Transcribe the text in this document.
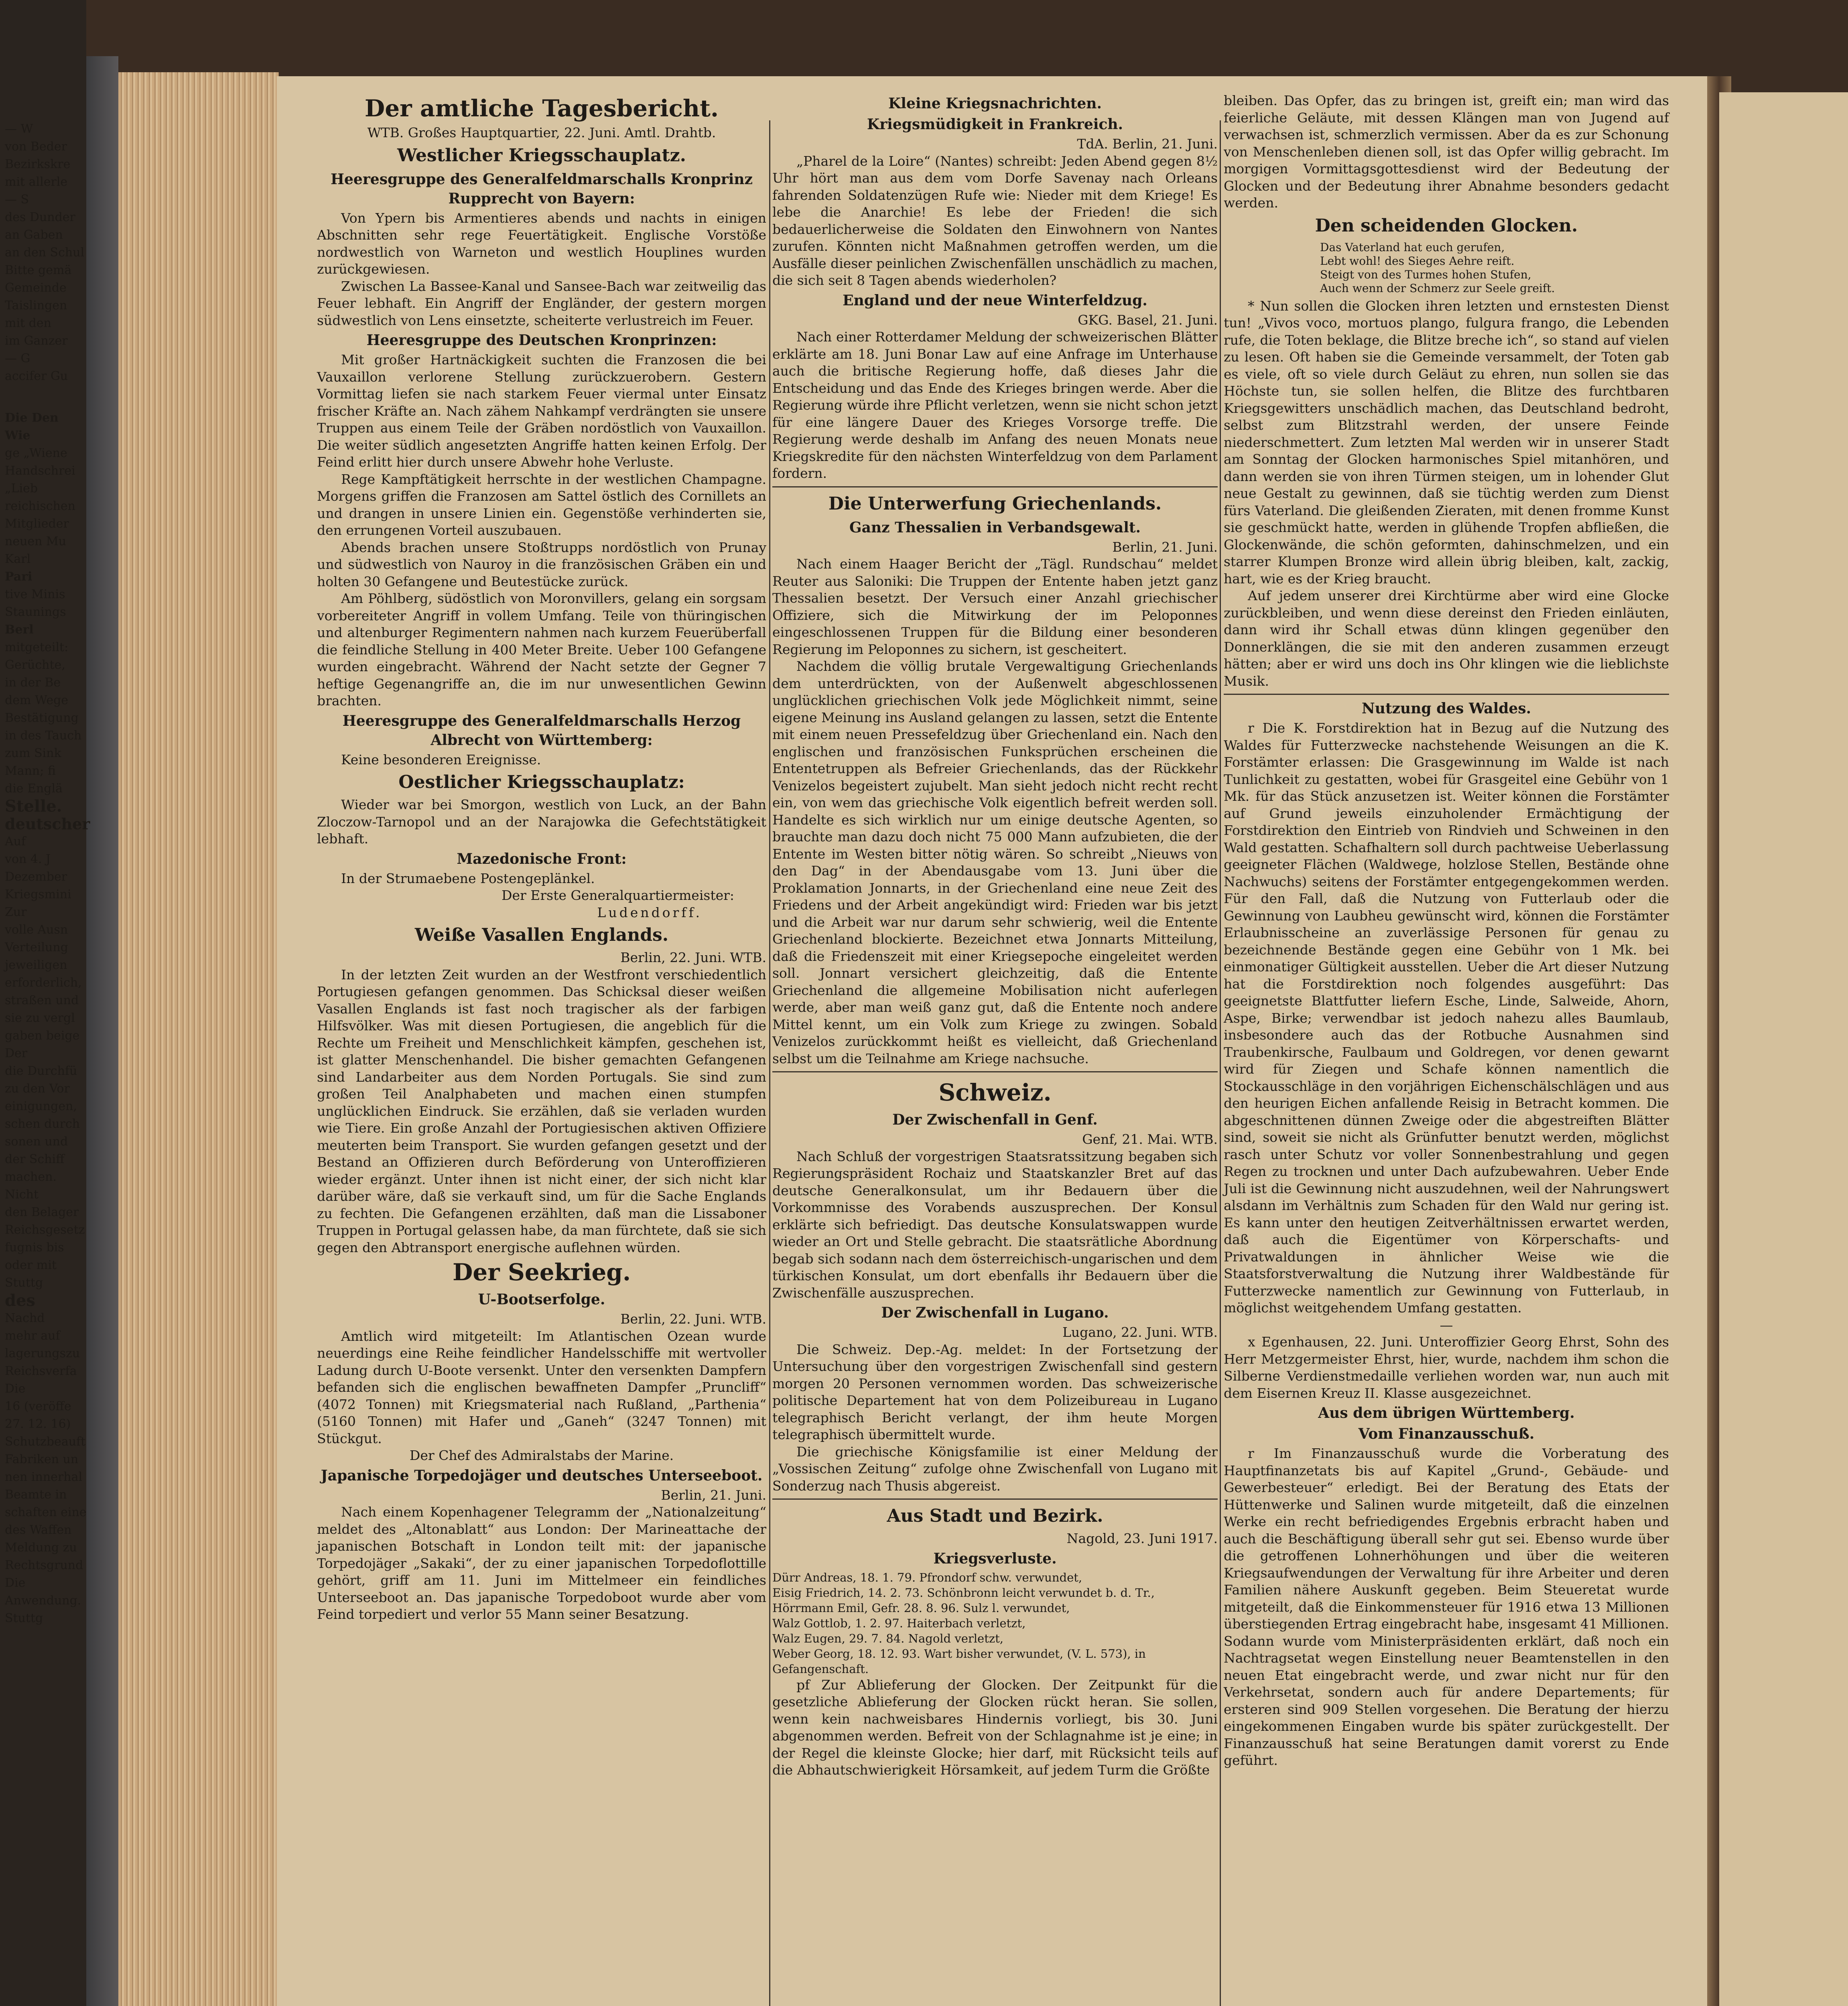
Der amtliche Tagesbericht.
WTB. Großes Hauptquartier, 22. Juni. Amtl. Drahtb.
Westlicher Kriegsschauplatz.
Heeresgruppe des Generalfeldmarschalls Kronprinz Rupprecht von Bayern:

Von Ypern bis Armentieres abends und nachts in einigen Abschnitten sehr rege Feuertätigkeit. Englische Vorstöße nordwestlich von Warneton und westlich Houplines wurden zurückgewiesen.

Zwischen La Bassee-Kanal und Sansee-Bach war zeitweilig das Feuer lebhaft. Ein Angriff der Engländer, der gestern morgen südwestlich von Lens einsetzte, scheiterte verlustreich im Feuer.

Heeresgruppe des Deutschen Kronprinzen:

Mit großer Hartnäckigkeit suchten die Franzosen die bei Vauxaillon verlorene Stellung zurückzuerobern. Gestern Vormittag liefen sie nach starkem Feuer viermal unter Einsatz frischer Kräfte an. Nach zähem Nahkampf verdrängten sie unsere Truppen aus einem Teile der Gräben nordöstlich von Vauxaillon. Die weiter südlich angesetzten Angriffe hatten keinen Erfolg. Der Feind erlitt hier durch unsere Abwehr hohe Verluste.

Rege Kampftätigkeit herrschte in der westlichen Champagne. Morgens griffen die Franzosen am Sattel östlich des Cornillets an und drangen in unsere Linien ein. Gegenstöße verhinderten sie, den errungenen Vorteil auszubauen.

Abends brachen unsere Stoßtrupps nordöstlich von Prunay und südwestlich von Nauroy in die französischen Gräben ein und holten 30 Gefangene und Beutestücke zurück.

Am Pöhlberg, südöstlich von Moronvillers, gelang ein sorgsam vorbereiteter Angriff in vollem Umfang. Teile von thüringischen und altenburger Regimentern nahmen nach kurzem Feuerüberfall die feindliche Stellung in 400 Meter Breite. Ueber 100 Gefangene wurden eingebracht. Während der Nacht setzte der Gegner 7 heftige Gegenangriffe an, die im nur unwesentlichen Gewinn brachten.

Heeresgruppe des Generalfeldmarschalls Herzog Albrecht von Württemberg:

Keine besonderen Ereignisse.

Oestlicher Kriegsschauplatz:

Wieder war bei Smorgon, westlich von Luck, an der Bahn Zloczow-Tarnopol und an der Narajowka die Gefechtstätigkeit lebhaft.

Mazedonische Front:

In der Strumaebene Postengeplänkel.

Der Erste Generalquartiermeister:
Ludendorff.
Weiße Vasallen Englands.
Berlin, 22. Juni. WTB.

In der letzten Zeit wurden an der Westfront verschiedentlich Portugiesen gefangen genommen. Das Schicksal dieser weißen Vasallen Englands ist fast noch tragischer als der farbigen Hilfsvölker. Was mit diesen Portugiesen, die angeblich für die Rechte um Freiheit und Menschlichkeit kämpfen, geschehen ist, ist glatter Menschenhandel. Die bisher gemachten Gefangenen sind Landarbeiter aus dem Norden Portugals. Sie sind zum großen Teil Analphabeten und machen einen stumpfen unglücklichen Eindruck. Sie erzählen, daß sie verladen wurden wie Tiere. Ein große Anzahl der Portugiesischen aktiven Offiziere meuterten beim Transport. Sie wurden gefangen gesetzt und der Bestand an Offizieren durch Beförderung von Unteroffizieren wieder ergänzt. Unter ihnen ist nicht einer, der sich nicht klar darüber wäre, daß sie verkauft sind, um für die Sache Englands zu fechten. Die Gefangenen erzählten, daß man die Lissaboner Truppen in Portugal gelassen habe, da man fürchtete, daß sie sich gegen den Abtransport energische auflehnen würden.

Der Seekrieg.
U-Bootserfolge.
Berlin, 22. Juni. WTB.

Amtlich wird mitgeteilt: Im Atlantischen Ozean wurde neuerdings eine Reihe feindlicher Handelsschiffe mit wertvoller Ladung durch U-Boote versenkt. Unter den versenkten Dampfern befanden sich die englischen bewaffneten Dampfer „Pruncliff“ (4072 Tonnen) mit Kriegsmaterial nach Rußland, „Parthenia“ (5160 Tonnen) mit Hafer und „Ganeh“ (3247 Tonnen) mit Stückgut.

Der Chef des Admiralstabs der Marine.
Japanische Torpedojäger und deutsches Unterseeboot.
Berlin, 21. Juni.

Nach einem Kopenhagener Telegramm der „Nationalzeitung“ meldet des „Altonablatt“ aus London: Der Marineattache der japanischen Botschaft in London teilt mit: der japanische Torpedojäger „Sakaki“, der zu einer japanischen Torpedoflottille gehört, griff am 11. Juni im Mittelmeer ein feindliches Unterseeboot an. Das japanische Torpedoboot wurde aber vom Feind torpediert und verlor 55 Mann seiner Besatzung.

Kleine Kriegsnachrichten.
Kriegsmüdigkeit in Frankreich.
TdA. Berlin, 21. Juni.

„Pharel de la Loire“ (Nantes) schreibt: Jeden Abend gegen 8½ Uhr hört man aus dem vom Dorfe Savenay nach Orleans fahrenden Soldatenzügen Rufe wie: Nieder mit dem Kriege! Es lebe die Anarchie! Es lebe der Frieden! die sich bedauerlicherweise die Soldaten den Einwohnern von Nantes zurufen. Könnten nicht Maßnahmen getroffen werden, um die Ausfälle dieser peinlichen Zwischenfällen unschädlich zu machen, die sich seit 8 Tagen abends wiederholen?

England und der neue Winterfeldzug.
GKG. Basel, 21. Juni.

Nach einer Rotterdamer Meldung der schweizerischen Blätter erklärte am 18. Juni Bonar Law auf eine Anfrage im Unterhause auch die britische Regierung hoffe, daß dieses Jahr die Entscheidung und das Ende des Krieges bringen werde. Aber die Regierung würde ihre Pflicht verletzen, wenn sie nicht schon jetzt für eine längere Dauer des Krieges Vorsorge treffe. Die Regierung werde deshalb im Anfang des neuen Monats neue Kriegskredite für den nächsten Winterfeldzug von dem Parlament fordern.

Die Unterwerfung Griechenlands.
Ganz Thessalien in Verbandsgewalt.
Berlin, 21. Juni.

Nach einem Haager Bericht der „Tägl. Rundschau“ meldet Reuter aus Saloniki: Die Truppen der Entente haben jetzt ganz Thessalien besetzt. Der Versuch einer Anzahl griechischer Offiziere, sich die Mitwirkung der im Peloponnes eingeschlossenen Truppen für die Bildung einer besonderen Regierung im Peloponnes zu sichern, ist gescheitert.

Nachdem die völlig brutale Vergewaltigung Griechenlands dem unterdrückten, von der Außenwelt abgeschlossenen unglücklichen griechischen Volk jede Möglichkeit nimmt, seine eigene Meinung ins Ausland gelangen zu lassen, setzt die Entente mit einem neuen Pressefeldzug über Griechenland ein. Nach den englischen und französischen Funksprüchen erscheinen die Ententetruppen als Befreier Griechenlands, das der Rückkehr Venizelos begeistert zujubelt. Man sieht jedoch nicht recht recht ein, von wem das griechische Volk eigentlich befreit werden soll. Handelte es sich wirklich nur um einige deutsche Agenten, so brauchte man dazu doch nicht 75 000 Mann aufzubieten, die der Entente im Westen bitter nötig wären. So schreibt „Nieuws von den Dag“ in der Abendausgabe vom 13. Juni über die Proklamation Jonnarts, in der Griechenland eine neue Zeit des Friedens und der Arbeit angekündigt wird: Frieden war bis jetzt und die Arbeit war nur darum sehr schwierig, weil die Entente Griechenland blockierte. Bezeichnet etwa Jonnarts Mitteilung, daß die Friedenszeit mit einer Kriegsepoche eingeleitet werden soll. Jonnart versichert gleichzeitig, daß die Entente Griechenland die allgemeine Mobilisation nicht auferlegen werde, aber man weiß ganz gut, daß die Entente noch andere Mittel kennt, um ein Volk zum Kriege zu zwingen. Sobald Venizelos zurückkommt heißt es vielleicht, daß Griechenland selbst um die Teilnahme am Kriege nachsuche.

Schweiz.
Der Zwischenfall in Genf.
Genf, 21. Mai. WTB.

Nach Schluß der vorgestrigen Staatsratssitzung begaben sich Regierungspräsident Rochaiz und Staatskanzler Bret auf das deutsche Generalkonsulat, um ihr Bedauern über die Vorkommnisse des Vorabends auszusprechen. Der Konsul erklärte sich befriedigt. Das deutsche Konsulatswappen wurde wieder an Ort und Stelle gebracht. Die staatsrätliche Abordnung begab sich sodann nach dem österreichisch-ungarischen und dem türkischen Konsulat, um dort ebenfalls ihr Bedauern über die Zwischenfälle auszusprechen.

Der Zwischenfall in Lugano.
Lugano, 22. Juni. WTB.

Die Schweiz. Dep.-Ag. meldet: In der Fortsetzung der Untersuchung über den vorgestrigen Zwischenfall sind gestern morgen 20 Personen vernommen worden. Das schweizerische politische Departement hat von dem Polizeibureau in Lugano telegraphisch Bericht verlangt, der ihm heute Morgen telegraphisch übermittelt wurde.

Die griechische Königsfamilie ist einer Meldung der „Vossischen Zeitung“ zufolge ohne Zwischenfall von Lugano mit Sonderzug nach Thusis abgereist.

Aus Stadt und Bezirk.
Nagold, 23. Juni 1917.
Kriegsverluste.
Dürr Andreas, 18. 1. 79. Pfrondorf schw. verwundet,
Eisig Friedrich, 14. 2. 73. Schönbronn leicht verwundet b. d. Tr.,
Hörrmann Emil, Gefr. 28. 8. 96. Sulz l. verwundet,
Walz Gottlob, 1. 2. 97. Haiterbach verletzt,
Walz Eugen, 29. 7. 84. Nagold verletzt,
Weber Georg, 18. 12. 93. Wart bisher verwundet, (V. L. 573), in Gefangenschaft.

pf Zur Ablieferung der Glocken. Der Zeitpunkt für die gesetzliche Ablieferung der Glocken rückt heran. Sie sollen, wenn kein nachweisbares Hindernis vorliegt, bis 30. Juni abgenommen werden. Befreit von der Schlagnahme ist je eine; in der Regel die kleinste Glocke; hier darf, mit Rücksicht teils auf die Abhautschwierigkeit Hörsamkeit, auf jedem Turm die Größte

bleiben. Das Opfer, das zu bringen ist, greift ein; man wird das feierliche Geläute, mit dessen Klängen man von Jugend auf verwachsen ist, schmerzlich vermissen. Aber da es zur Schonung von Menschenleben dienen soll, ist das Opfer willig gebracht. Im morgigen Vormittagsgottesdienst wird der Bedeutung der Glocken und der Bedeutung ihrer Abnahme besonders gedacht werden.

Den scheidenden Glocken.
Das Vaterland hat euch gerufen,
Lebt wohl! des Sieges Aehre reift.
Steigt von des Turmes hohen Stufen,
Auch wenn der Schmerz zur Seele greift.

* Nun sollen die Glocken ihren letzten und ernstesten Dienst tun! „Vivos voco, mortuos plango, fulgura frango, die Lebenden rufe, die Toten beklage, die Blitze breche ich“, so stand auf vielen zu lesen. Oft haben sie die Gemeinde versammelt, der Toten gab es viele, oft so viele durch Geläut zu ehren, nun sollen sie das Höchste tun, sie sollen helfen, die Blitze des furchtbaren Kriegsgewitters unschädlich machen, das Deutschland bedroht, selbst zum Blitzstrahl werden, der unsere Feinde niederschmettert. Zum letzten Mal werden wir in unserer Stadt am Sonntag der Glocken harmonisches Spiel mitanhören, und dann werden sie von ihren Türmen steigen, um in lohender Glut neue Gestalt zu gewinnen, daß sie tüchtig werden zum Dienst fürs Vaterland. Die gleißenden Zieraten, mit denen fromme Kunst sie geschmückt hatte, werden in glühende Tropfen abfließen, die Glockenwände, die schön geformten, dahinschmelzen, und ein starrer Klumpen Bronze wird allein übrig bleiben, kalt, zackig, hart, wie es der Krieg braucht.

Auf jedem unserer drei Kirchtürme aber wird eine Glocke zurückbleiben, und wenn diese dereinst den Frieden einläuten, dann wird ihr Schall etwas dünn klingen gegenüber den Donnerklängen, die sie mit den anderen zusammen erzeugt hätten; aber er wird uns doch ins Ohr klingen wie die lieblichste Musik.

Nutzung des Waldes.

r Die K. Forstdirektion hat in Bezug auf die Nutzung des Waldes für Futterzwecke nachstehende Weisungen an die K. Forstämter erlassen: Die Grasgewinnung im Walde ist nach Tunlichkeit zu gestatten, wobei für Grasgeitel eine Gebühr von 1 Mk. für das Stück anzusetzen ist. Weiter können die Forstämter auf Grund jeweils einzuholender Ermächtigung der Forstdirektion den Eintrieb von Rindvieh und Schweinen in den Wald gestatten. Schafhaltern soll durch pachtweise Ueberlassung geeigneter Flächen (Waldwege, holzlose Stellen, Bestände ohne Nachwuchs) seitens der Forstämter entgegengekommen werden. Für den Fall, daß die Nutzung von Futterlaub oder die Gewinnung von Laubheu gewünscht wird, können die Forstämter Erlaubnisscheine an zuverlässige Personen für genau zu bezeichnende Bestände gegen eine Gebühr von 1 Mk. bei einmonatiger Gültigkeit ausstellen. Ueber die Art dieser Nutzung hat die Forstdirektion noch folgendes ausgeführt: Das geeignetste Blattfutter liefern Esche, Linde, Salweide, Ahorn, Aspe, Birke; verwendbar ist jedoch nahezu alles Baumlaub, insbesondere auch das der Rotbuche Ausnahmen sind Traubenkirsche, Faulbaum und Goldregen, vor denen gewarnt wird für Ziegen und Schafe können namentlich die Stockausschläge in den vorjährigen Eichenschälschlägen und aus den heurigen Eichen anfallende Reisig in Betracht kommen. Die abgeschnittenen dünnen Zweige oder die abgestreiften Blätter sind, soweit sie nicht als Grünfutter benutzt werden, möglichst rasch unter Schutz vor voller Sonnenbestrahlung und gegen Regen zu trocknen und unter Dach aufzubewahren. Ueber Ende Juli ist die Gewinnung nicht auszudehnen, weil der Nahrungswert alsdann im Verhältnis zum Schaden für den Wald nur gering ist. Es kann unter den heutigen Zeitverhältnissen erwartet werden, daß auch die Eigentümer von Körperschafts- und Privatwaldungen in ähnlicher Weise wie die Staatsforstverwaltung die Nutzung ihrer Waldbestände für Futterzwecke namentlich zur Gewinnung von Futterlaub, in möglichst weitgehendem Umfang gestatten.

—

x Egenhausen, 22. Juni. Unteroffizier Georg Ehrst, Sohn des Herr Metzgermeister Ehrst, hier, wurde, nachdem ihm schon die Silberne Verdienstmedaille verliehen worden war, nun auch mit dem Eisernen Kreuz II. Klasse ausgezeichnet.

Aus dem übrigen Württemberg.
Vom Finanzausschuß.

r Im Finanzausschuß wurde die Vorberatung des Hauptfinanzetats bis auf Kapitel „Grund-, Gebäude- und Gewerbesteuer“ erledigt. Bei der Beratung des Etats der Hüttenwerke und Salinen wurde mitgeteilt, daß die einzelnen Werke ein recht befriedigendes Ergebnis erbracht haben und auch die Beschäftigung überall sehr gut sei. Ebenso wurde über die getroffenen Lohnerhöhungen und über die weiteren Kriegsaufwendungen der Verwaltung für ihre Arbeiter und deren Familien nähere Auskunft gegeben. Beim Steueretat wurde mitgeteilt, daß die Einkommensteuer für 1916 etwa 13 Millionen überstiegenden Ertrag eingebracht habe, insgesamt 41 Millionen. Sodann wurde vom Ministerpräsidenten erklärt, daß noch ein Nachtragsetat wegen Einstellung neuer Beamtenstellen in den neuen Etat eingebracht werde, und zwar nicht nur für den Verkehrsetat, sondern auch für andere Departements; für ersteren sind 909 Stellen vorgesehen. Die Beratung der hierzu eingekommenen Eingaben wurde bis später zurückgestellt. Der Finanzausschuß hat seine Beratungen damit vorerst zu Ende geführt.

— W
von Beder
Bezirkskre
mit allerle
— S
des Dunder
an Gaben
an den Schul
Bitte gemä
Gemeinde
Taislingen
mit den
im Ganzer
— G
accifer Gu
Die Den
Wie
ge „Wiene
Handschrei
„Lieb
reichischen
Mitglieder
neuen Mu
Karl
Pari
tive Minis
Staunings
Berl
mitgeteilt:
Gerüchte,
in der Be
dem Wege
Bestätigung
in des Tauch
zum Sink
Mann; fi
die Englä
Stelle.
deutscher
Auf
von 4. J
Dezember
Kriegsmini
Zur
volle Ausn
Verteilung
jeweiligen
erforderlich,
straßen und
sie zu vergl
gaben beige
Der
die Durchfü
zu den Vor
einigungen,
schen durch
sonen und
der Schiff
machen.
Nicht
den Belager
Reichsgesetz
fugnis bis
oder mit
Stuttg
des
Nachd
mehr auf
lagerungszu
Reichsverfa
Die
16 (veröffe
27. 12. 16)
Schutzbeauft
Fabriken un
nen innerhal
Beamte in
schaften eine
des Waffen
Meldung zu
Rechtsgrund
Die
Anwendung.
Stuttg
